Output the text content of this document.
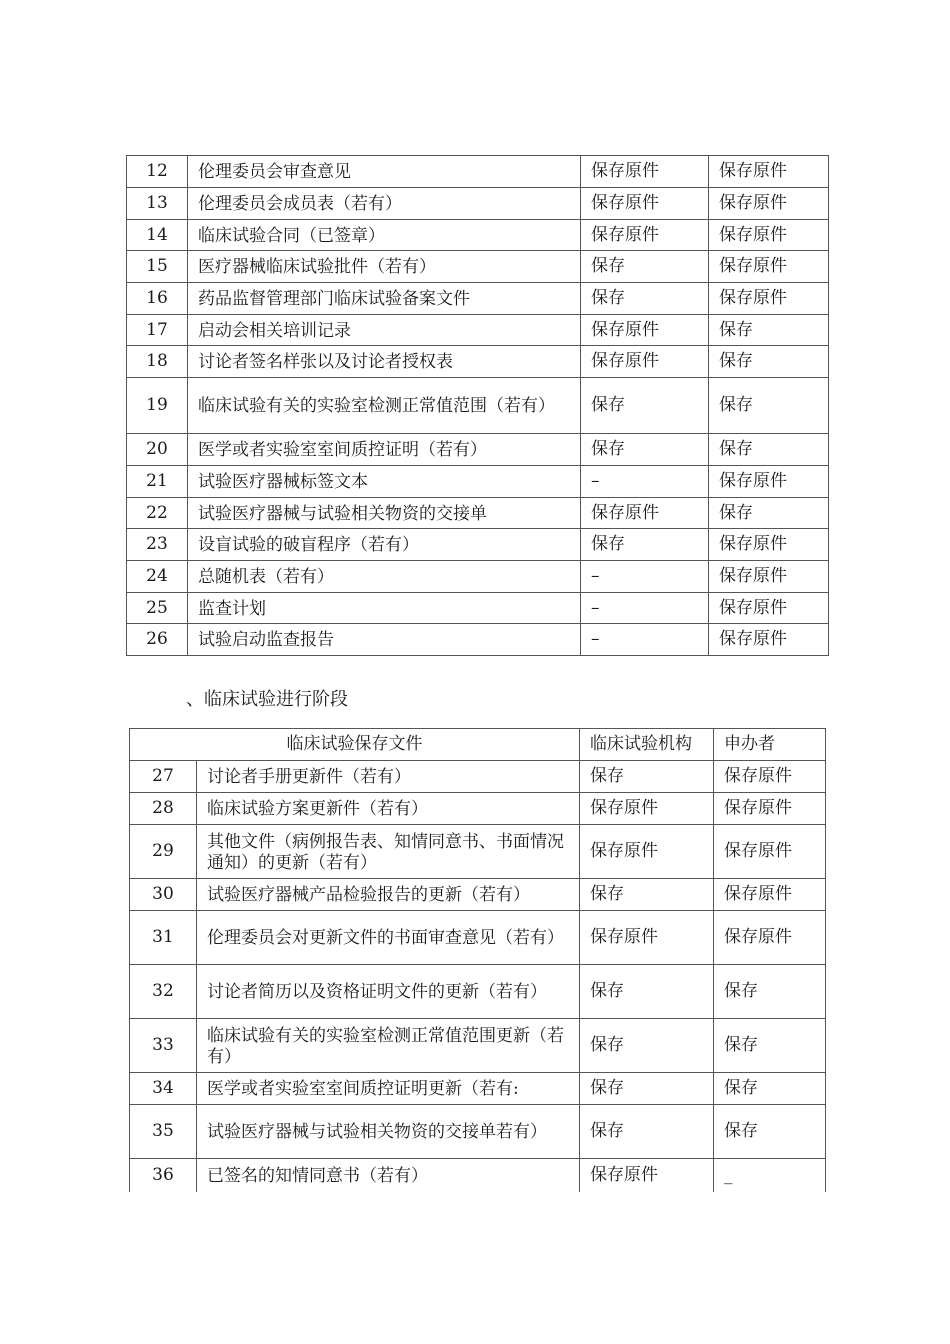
12	伦理委员会审查意见	保存原件	保存原件
13	伦理委员会成员表（若有）	保存原件	保存原件
14	临床试验合同（已签章）	保存原件	保存原件
15	医疗器械临床试验批件（若有）	保存	保存原件
16	药品监督管理部门临床试验备案文件	保存	保存原件
17	启动会相关培训记录	保存原件	保存
18	讨论者签名样张以及讨论者授权表	保存原件	保存
19	临床试验有关的实验室检测正常值范围（若有）	保存	保存
20	医学或者实验室室间质控证明（若有）	保存	保存
21	试验医疗器械标签文本	–	保存原件
22	试验医疗器械与试验相关物资的交接单	保存原件	保存
23	设盲试验的破盲程序（若有）	保存	保存原件
24	总随机表（若有）	–	保存原件
25	监查计划	–	保存原件
26	试验启动监查报告	–	保存原件
、临床试验进行阶段
临床试验保存文件		临床试验机构	申办者
27	讨论者手册更新件（若有）	保存	保存原件
28	临床试验方案更新件（若有）	保存原件	保存原件
29	其他文件（病例报告表、知情同意书、书面情况通知）的更新（若有）	保存原件	保存原件
30	试验医疗器械产品检验报告的更新（若有）	保存	保存原件
31	伦理委员会对更新文件的书面审查意见（若有）	保存原件	保存原件
32	讨论者简历以及资格证明文件的更新（若有）	保存	保存
33	临床试验有关的实验室检测正常值范围更新（若有）	保存	保存
34	医学或者实验室室间质控证明更新（若有:	保存	保存
35	试验医疗器械与试验相关物资的交接单若有）	保存	保存
36	已签名的知情同意书（若有）	保存原件	_
